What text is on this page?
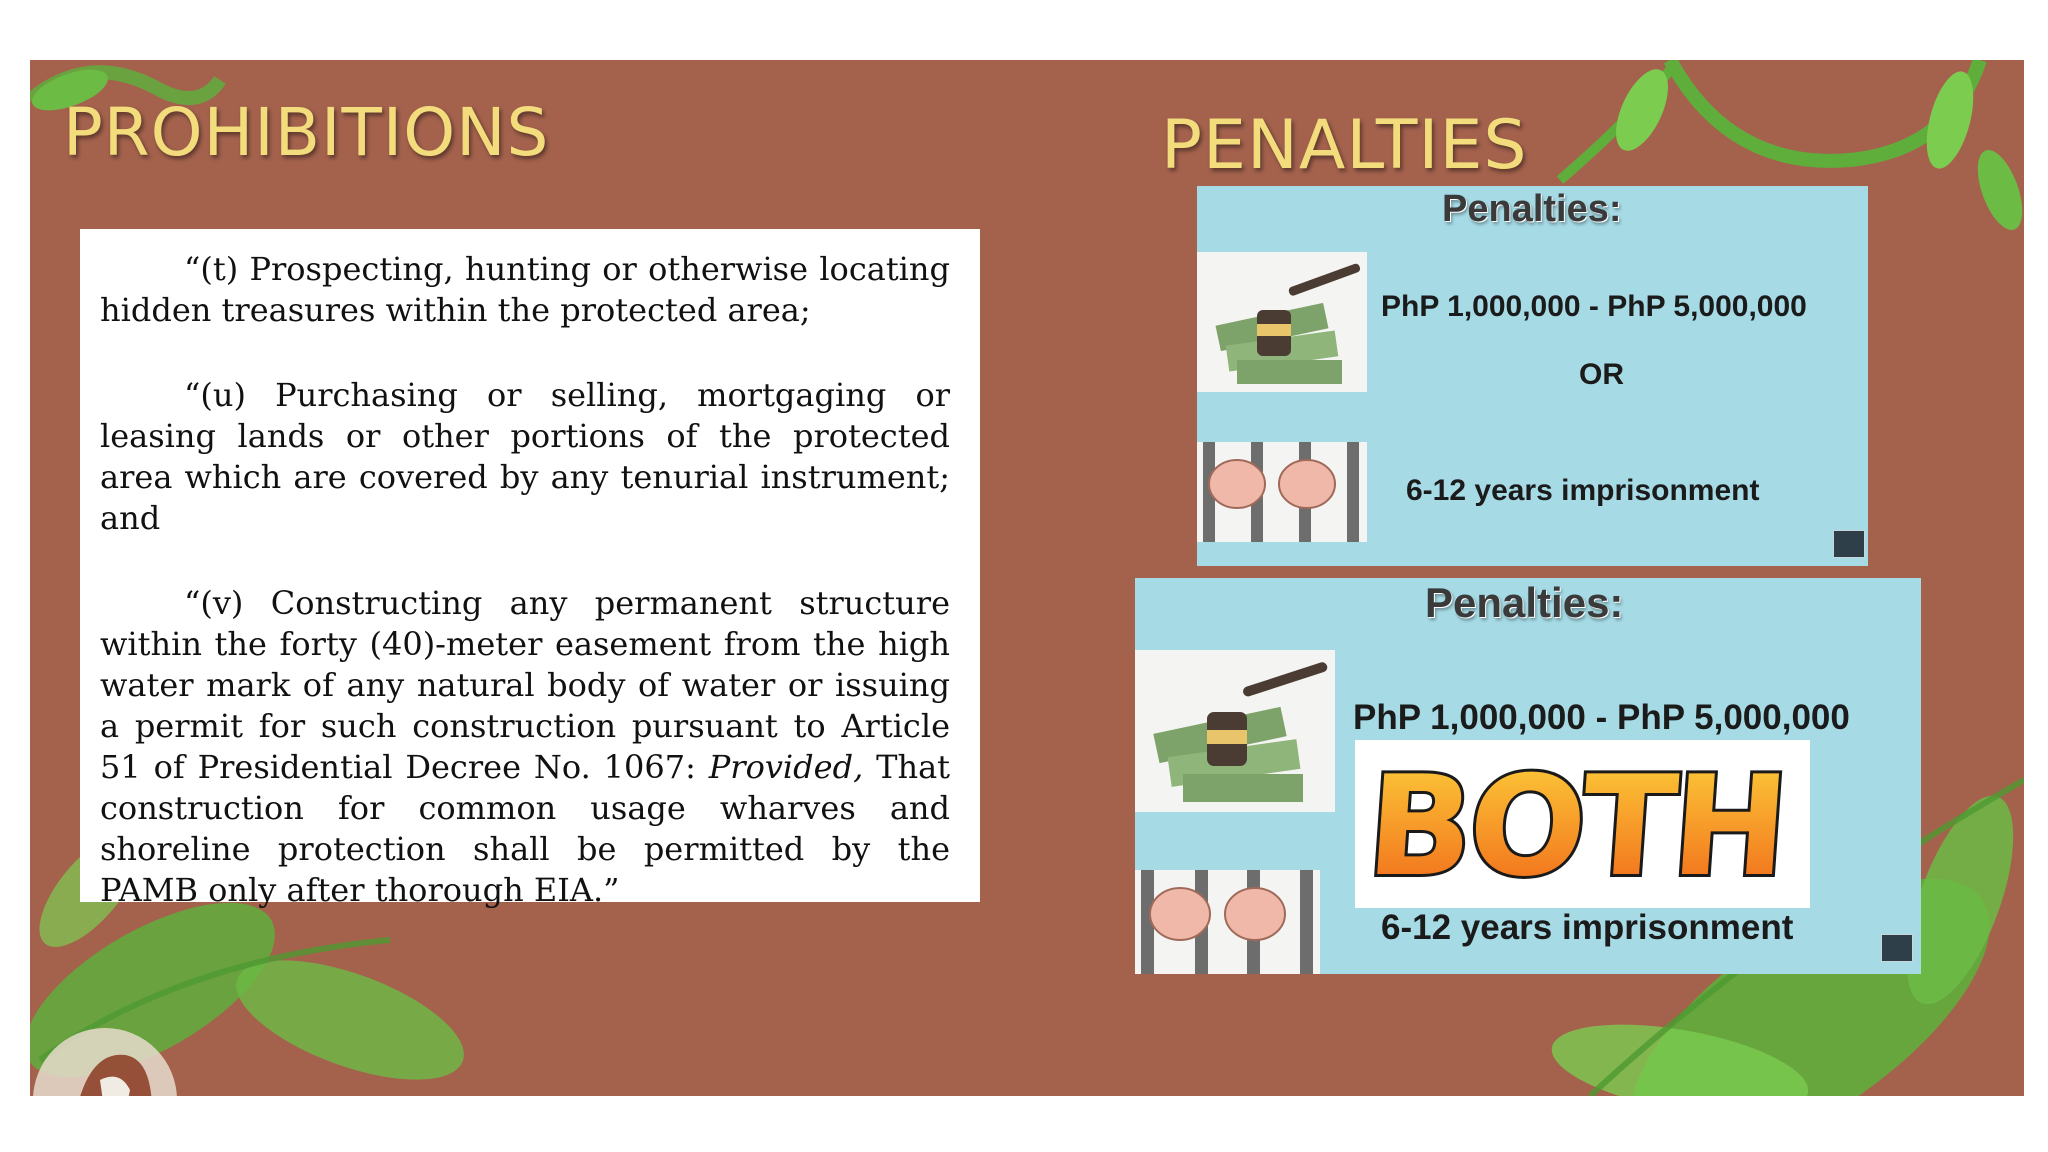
PROHIBITIONS	PENALTIES

“(t) Prospecting, hunting or otherwise locating hidden treasures within the protected area;

“(u) Purchasing or selling, mortgaging or leasing lands or other portions of the protected area which are covered by any tenurial instrument; and

“(v) Constructing any permanent structure within the forty (40)-meter easement from the high water mark of any natural body of water or issuing a permit for such construction pursuant to Article 51 of Presidential Decree No. 1067: Provided, That construction for common usage wharves and shoreline protection shall be permitted by the PAMB only after thorough EIA.”

Penalties:

PhP 1,000,000 - PhP 5,000,000

OR

6-12 years imprisonment

Penalties:

PhP 1,000,000 - PhP 5,000,000

BOTH

6-12 years imprisonment
